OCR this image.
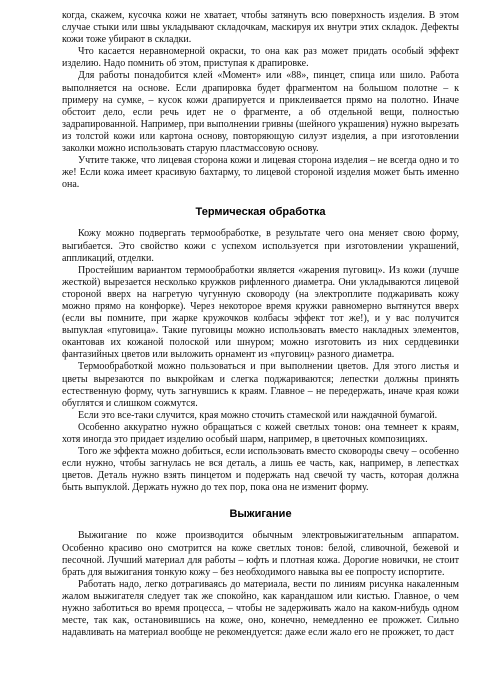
когда, скажем, кусочка кожи не хватает, чтобы затянуть всю поверхность изделия. В этом случае стыки или швы укладывают складочкам, маскируя их внутри этих складок. Дефекты кожи тоже убирают в складки.

Что касается неравномерной окраски, то она как раз может придать особый эффект изделию. Надо помнить об этом, приступая к драпировке.

Для работы понадобится клей «Момент» или «88», пинцет, спица или шило. Работа выполняется на основе. Если драпировка будет фрагментом на большом полотне – к примеру на сумке, – кусок кожи драпируется и приклеивается прямо на полотно. Иначе обстоит дело, если речь идет не о фрагменте, а об отдельной вещи, полностью задрапированной. Например, при выполнении гривны (шейного украшения) нужно вырезать из толстой кожи или картона основу, повторяющую силуэт изделия, а при изготовлении заколки можно использовать старую пластмассовую основу.

Учтите также, что лицевая сторона кожи и лицевая сторона изделия – не всегда одно и то же! Если кожа имеет красивую бахтарму, то лицевой стороной изделия может быть именно она.

Термическая обработка

Кожу можно подвергать термообработке, в результате чего она меняет свою форму, выгибается. Это свойство кожи с успехом используется при изготовлении украшений, аппликаций, отделки.

Простейшим вариантом термообработки является «жарения пуговиц». Из кожи (лучше жесткой) вырезается несколько кружков рифленного диаметра. Они укладываются лицевой стороной вверх на нагретую чугунную сковороду (на электроплите поджаривать кожу можно прямо на конфорке). Через некоторое время кружки равномерно вытянутся вверх (если вы помните, при жарке кружочков колбасы эффект тот же!), и у вас получится выпуклая «пуговица». Такие пуговицы можно использовать вместо накладных элементов, окантовав их кожаной полоской или шнуром; можно изготовить из них сердцевинки фантазийных цветов или выложить орнамент из «пуговиц» разного диаметра.

Термообработкой можно пользоваться и при выполнении цветов. Для этого листья и цветы вырезаются по выкройкам и слегка поджариваются; лепестки должны принять естественную форму, чуть загнувшись к краям. Главное – не передержать, иначе края кожи обуглятся и слишком сожмутся.

Если это все-таки случится, края можно сточить стамеской или наждачной бумагой.

Особенно аккуратно нужно обращаться с кожей светлых тонов: она темнеет к краям, хотя иногда это придает изделию особый шарм, например, в цветочных композициях.

Того же эффекта можно добиться, если использовать вместо сковороды свечу – особенно если нужно, чтобы загнулась не вся деталь, а лишь ее часть, как, например, в лепестках цветов. Деталь нужно взять пинцетом и подержать над свечой ту часть, которая должна быть выпуклой. Держать нужно до тех пор, пока она не изменит форму.

Выжигание

Выжигание по коже производится обычным электровыжигательным аппаратом. Особенно красиво оно смотрится на коже светлых тонов: белой, сливочной, бежевой и песочной. Лучший материал для работы – юфть и плотная кожа. Дорогие новички, не стоит брать для выжигания тонкую кожу – без необходимого навыка вы ее попросту испортите.

Работать надо, легко дотрагиваясь до материала, вести по линиям рисунка накаленным жалом выжигателя следует так же спокойно, как карандашом или кистью. Главное, о чем нужно заботиться во время процесса, – чтобы не задерживать жало на каком-нибудь одном месте, так как, остановившись на коже, оно, конечно, немедленно ее прожжет. Сильно надавливать на материал вообще не рекомендуется: даже если жало его не прожжет, то даст
